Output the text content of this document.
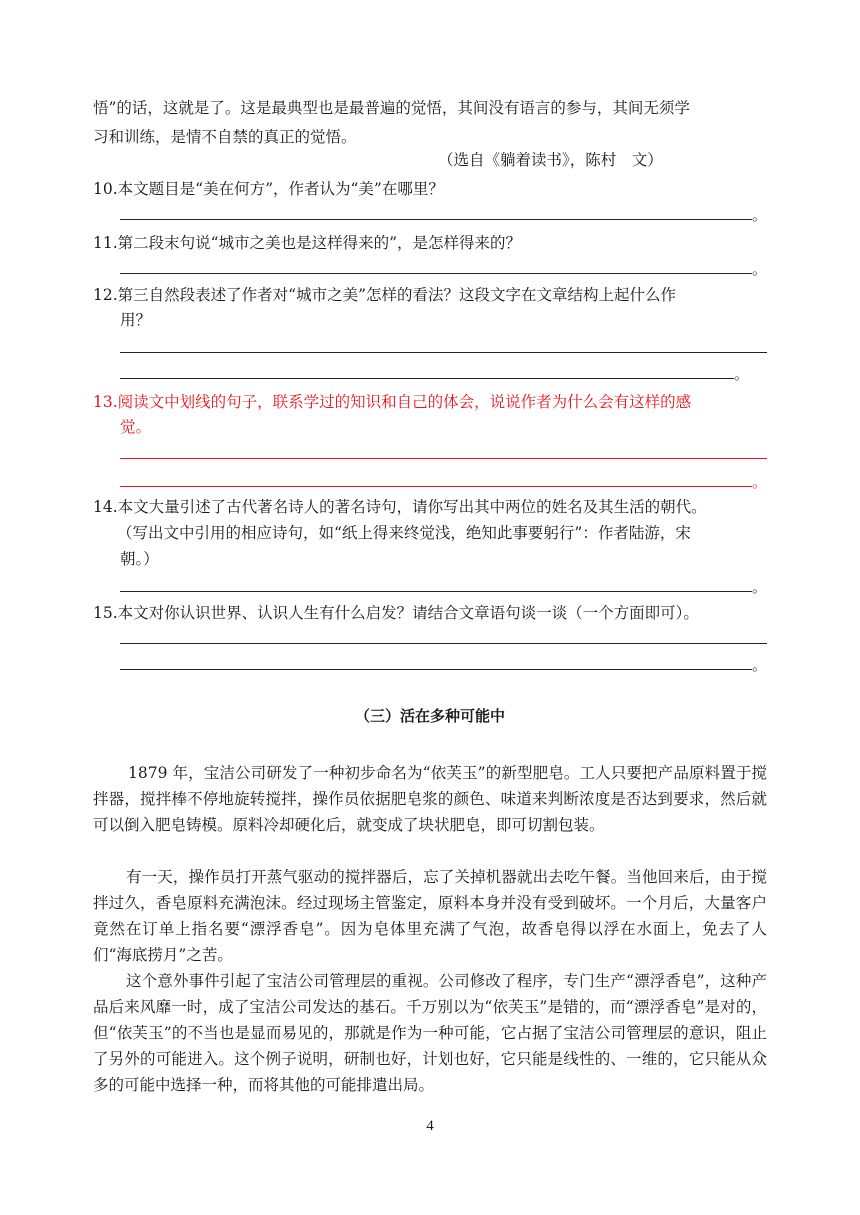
悟”的话，这就是了。这是最典型也是最普遍的觉悟，其间没有语言的参与，其间无须学
习和训练，是情不自禁的真正的觉悟。
（选自《躺着读书》，陈村　文）
10.本文题目是“美在何方”，作者认为“美”在哪里？
。
11.第二段末句说“城市之美也是这样得来的”，是怎样得来的？
。
12.第三自然段表述了作者对“城市之美”怎样的看法？这段文字在文章结构上起什么作
用？
。
13.阅读文中划线的句子，联系学过的知识和自己的体会，说说作者为什么会有这样的感
觉。
。
14.本文大量引述了古代著名诗人的著名诗句，请你写出其中两位的姓名及其生活的朝代。
（写出文中引用的相应诗句，如“纸上得来终觉浅，绝知此事要躬行”：作者陆游，宋
朝。）
。
15.本文对你认识世界、认识人生有什么启发？请结合文章语句谈一谈（一个方面即可）。
。
（三）活在多种可能中
1879 年，宝洁公司研发了一种初步命名为“依芙玉”的新型肥皂。工人只要把产品原料置于搅拌器，搅拌棒不停地旋转搅拌，操作员依据肥皂浆的颜色、味道来判断浓度是否达到要求，然后就可以倒入肥皂铸模。原料冷却硬化后，就变成了块状肥皂，即可切割包装。
有一天，操作员打开蒸气驱动的搅拌器后，忘了关掉机器就出去吃午餐。当他回来后，由于搅拌过久，香皂原料充满泡沫。经过现场主管鉴定，原料本身并没有受到破坏。一个月后，大量客户竟然在订单上指名要“漂浮香皂”。因为皂体里充满了气泡，故香皂得以浮在水面上，免去了人们“海底捞月”之苦。
这个意外事件引起了宝洁公司管理层的重视。公司修改了程序，专门生产“漂浮香皂”，这种产品后来风靡一时，成了宝洁公司发达的基石。千万别以为“依芙玉”是错的，而“漂浮香皂”是对的，但“依芙玉”的不当也是显而易见的，那就是作为一种可能，它占据了宝洁公司管理层的意识，阻止了另外的可能进入。这个例子说明，研制也好，计划也好，它只能是线性的、一维的，它只能从众多的可能中选择一种，而将其他的可能排遣出局。
4
